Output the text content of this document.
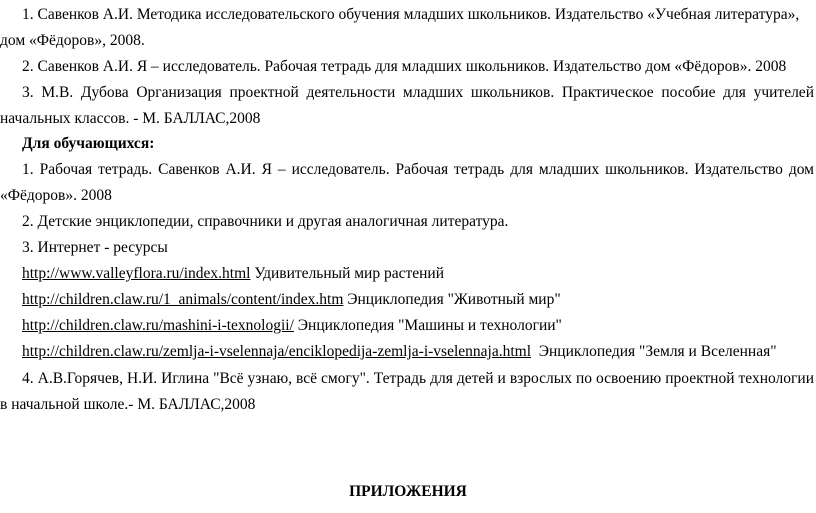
1. Савенков А.И. Методика исследовательского обучения младших школьников. Издательство «Учебная литература»,
дом «Фёдоров», 2008.
2. Савенков А.И. Я – исследователь. Рабочая тетрадь для младших школьников. Издательство дом «Фёдоров». 2008
3. М.В. Дубова Организация проектной деятельности младших школьников. Практическое пособие для учителей
начальных классов. - М. БАЛЛАС,2008
Для обучающихся:
1. Рабочая тетрадь. Савенков А.И. Я – исследователь. Рабочая тетрадь для младших школьников. Издательство дом
«Фёдоров». 2008
2. Детские энциклопедии, справочники и другая аналогичная литература.
3. Интернет - ресурсы
http://www.valleyflora.ru/index.html Удивительный мир растений
http://children.claw.ru/1_animals/content/index.htm Энциклопедия "Животный мир"
http://children.claw.ru/mashini-i-texnologii/ Энциклопедия "Машины и технологии"
http://children.claw.ru/zemlja-i-vselennaja/enciklopedija-zemlja-i-vselennaja.html  Энциклопедия "Земля и Вселенная"
4. А.В.Горячев, Н.И. Иглина "Всё узнаю, всё смогу". Тетрадь для детей и взрослых по освоению проектной технологии
в начальной школе.- М. БАЛЛАС,2008
ПРИЛОЖЕНИЯ
